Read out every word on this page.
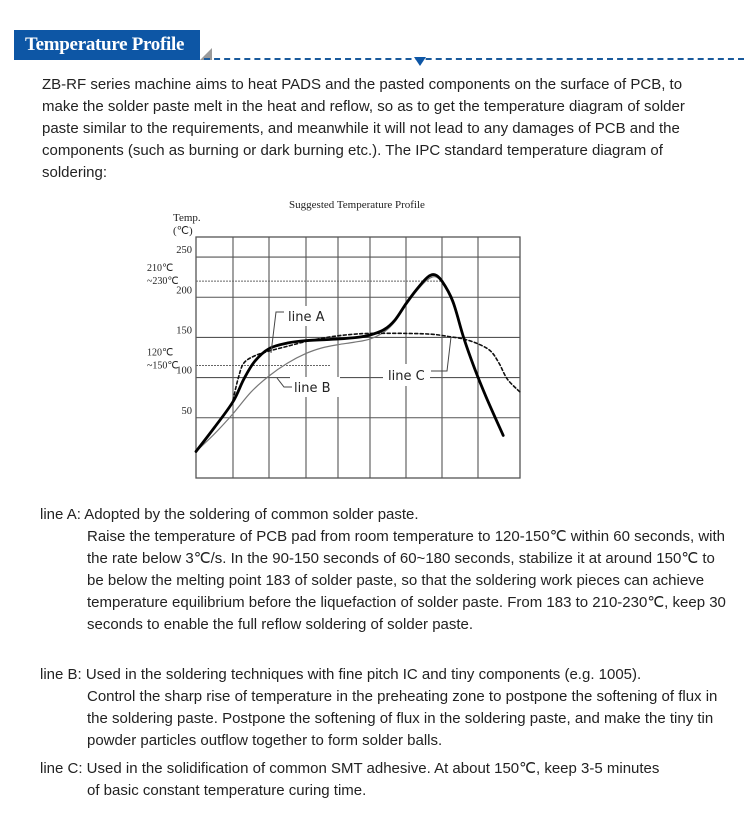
Temperature Profile

ZB-RF series machine aims to heat PADS and the pasted components on the surface of PCB, to make the solder paste melt in the heat and reflow, so as to get the temperature diagram of solder paste similar to the requirements, and meanwhile it will not lead to any damages of PCB and the components (such as burning or dark burning etc.). The IPC standard temperature diagram of soldering:

Suggested Temperature Profile
Temp.
(℃)
210℃
~230℃
120℃
~150℃
50
100
150
200
250
line A
line B
line C
line A: Adopted by the soldering of common solder paste.
Raise the temperature of PCB pad from room temperature to 120-150℃ within 60 seconds, with the rate below 3℃/s. In the 90-150 seconds of 60~180 seconds, stabilize it at around 150℃ to be below the melting point 183 of solder paste, so that the soldering work pieces can achieve temperature equilibrium before the liquefaction of solder paste. From 183 to 210-230℃, keep 30 seconds to enable the full reflow soldering of solder paste.
line B: Used in the soldering techniques with fine pitch IC and tiny components (e.g. 1005).
Control the sharp rise of temperature in the preheating zone to postpone the softening of flux in the soldering paste. Postpone the softening of flux in the soldering paste, and make the tiny tin powder particles outflow together to form solder balls.
line C: Used in the solidification of common SMT adhesive. At about 150℃, keep 3-5 minutes
of basic constant temperature curing time.
